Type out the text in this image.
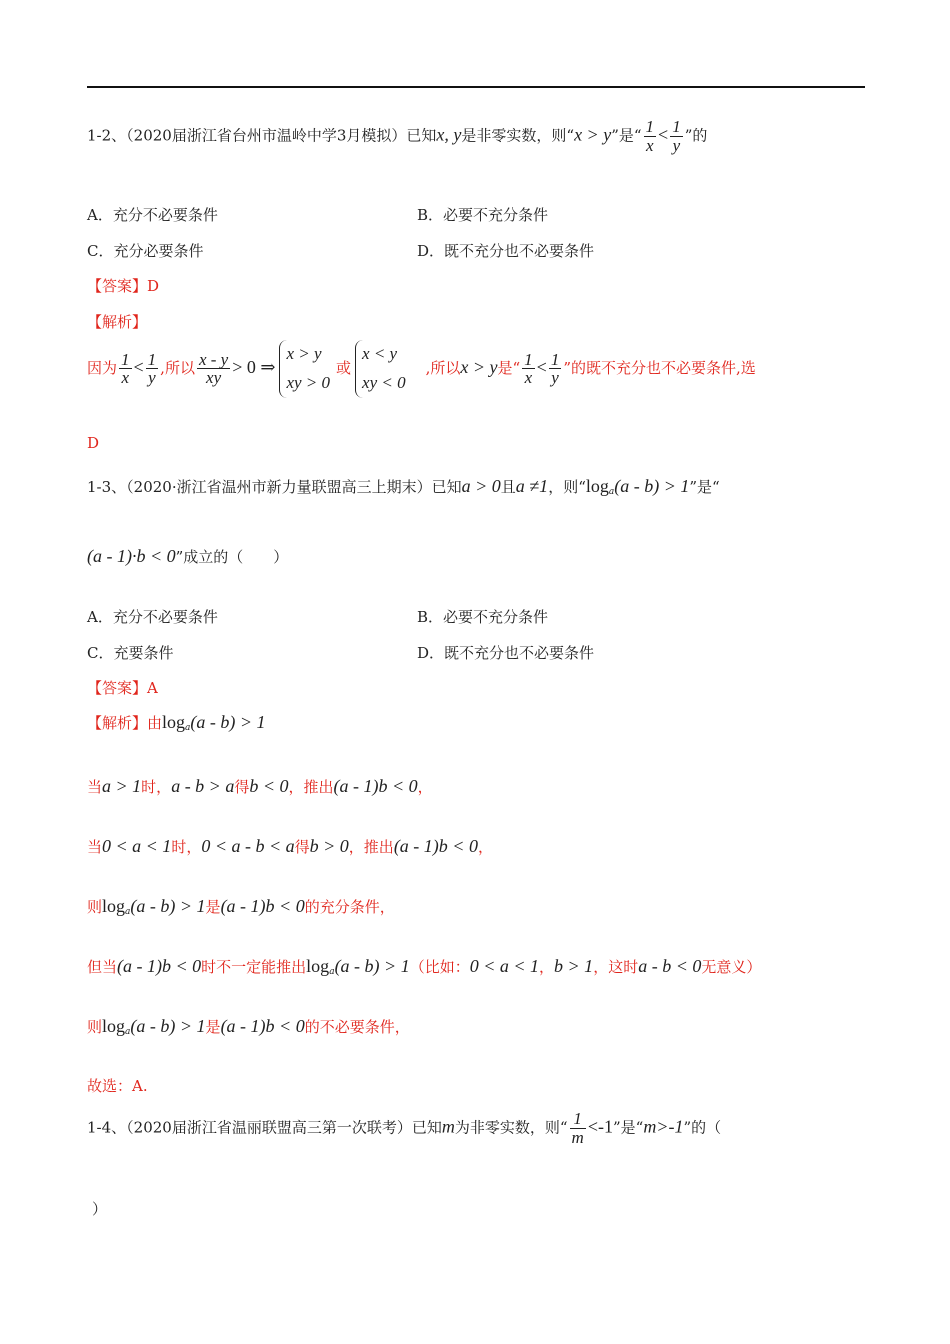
1-2、（2020届浙江省台州市温岭中学3月模拟）已知x, y是非零实数，则“x > y”是“ $\frac{1}{x} < \frac{1}{y}$ ”的
A．充分不必要条件	B．必要不充分条件
C．充分必要条件	D．既不充分也不必要条件
【答案】D
【解析】
因为 $\frac{1}{x} < \frac{1}{y}$ ,所以 $\frac{x - y}{xy} > 0$ ⇒x > y
xy > 0或x < y
xy < 0,所以x > y是“ $\frac{1}{x} < \frac{1}{y}$ ”的既不充分也不必要条件,选
D
1-3、（2020·浙江省温州市新力量联盟高三上期末）已知a > 0且a ≠1，则“$\log_a(a - b) > 1$”是“
(a - 1)·b < 0”成立的（　　）
A．充分不必要条件	B．必要不充分条件
C．充要条件	D．既不充分也不必要条件
【答案】A
【解析】由$\log_a(a - b) > 1$
当a > 1时，a - b > a得b < 0，推出(a - 1)b < 0，
当0 < a < 1时，0 < a - b < a得b > 0，推出(a - 1)b < 0，
则$\log_a(a - b) > 1$是(a - 1)b < 0的充分条件，
但当(a - 1)b < 0时不一定能推出$\log_a(a - b) > 1$（比如：0 < a < 1，b > 1，这时a - b < 0无意义）
则$\log_a(a - b) > 1$是(a - 1)b < 0的不必要条件，
故选：A.
1-4、（2020届浙江省温丽联盟高三第一次联考）已知m为非零实数，则“ $\frac{1}{m} <-1$”是“m>-1”的（
）
